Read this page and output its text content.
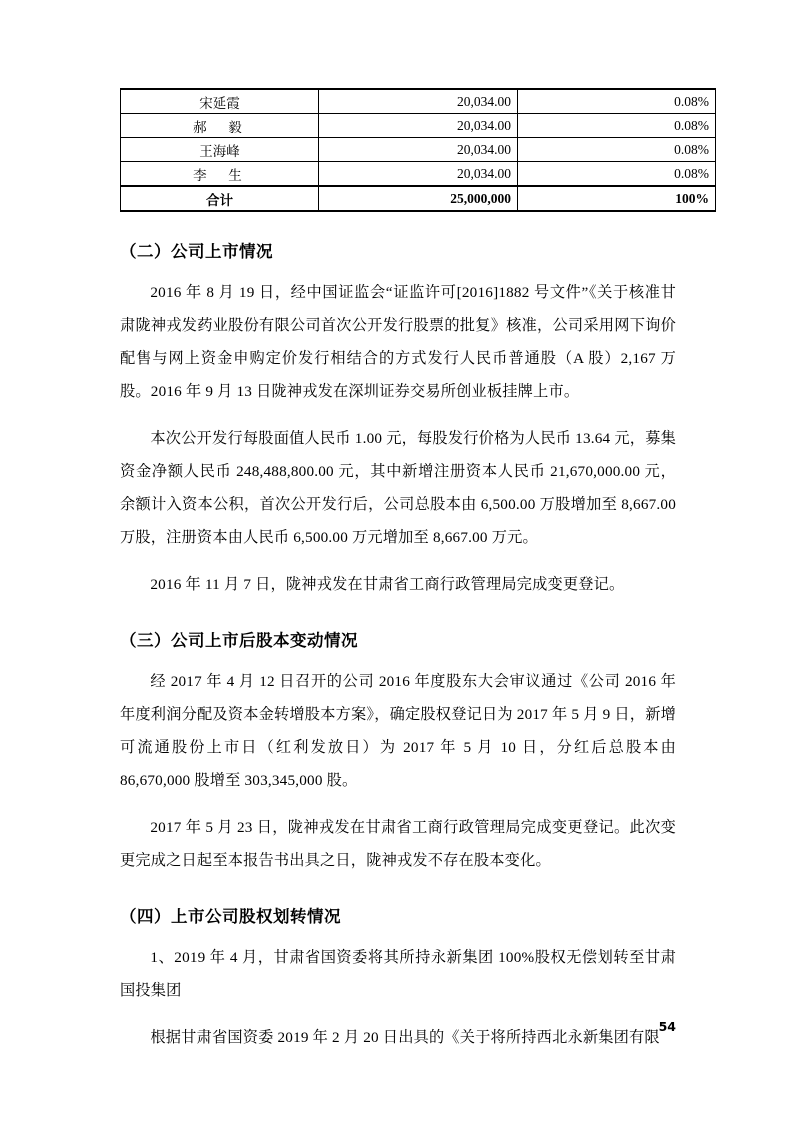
宋延霞	20,034.00	0.08%
郝　毅	20,034.00	0.08%
王海峰	20,034.00	0.08%
李　生	20,034.00	0.08%
合计	25,000,000	100%
（二）公司上市情况

2016 年 8 月 19 日，经中国证监会“证监许可[2016]1882 号文件”《关于核准甘肃陇神戎发药业股份有限公司首次公开发行股票的批复》核准，公司采用网下询价配售与网上资金申购定价发行相结合的方式发行人民币普通股（A 股）2,167 万股。2016 年 9 月 13 日陇神戎发在深圳证券交易所创业板挂牌上市。

本次公开发行每股面值人民币 1.00 元，每股发行价格为人民币 13.64 元，募集资金净额人民币 248,488,800.00 元，其中新增注册资本人民币 21,670,000.00 元，余额计入资本公积，首次公开发行后，公司总股本由 6,500.00 万股增加至 8,667.00 万股，注册资本由人民币 6,500.00 万元增加至 8,667.00 万元。

2016 年 11 月 7 日，陇神戎发在甘肃省工商行政管理局完成变更登记。

（三）公司上市后股本变动情况

经 2017 年 4 月 12 日召开的公司 2016 年度股东大会审议通过《公司 2016 年年度利润分配及资本金转增股本方案》，确定股权登记日为 2017 年 5 月 9 日，新增可流通股份上市日（红利发放日）为 2017 年 5 月 10 日，分红后总股本由 86,670,000 股增至 303,345,000 股。

2017 年 5 月 23 日，陇神戎发在甘肃省工商行政管理局完成变更登记。此次变更完成之日起至本报告书出具之日，陇神戎发不存在股本变化。

（四）上市公司股权划转情况

1、2019 年 4 月，甘肃省国资委将其所持永新集团 100%股权无偿划转至甘肃国投集团

根据甘肃省国资委 2019 年 2 月 20 日出具的《关于将所持西北永新集团有限

54
